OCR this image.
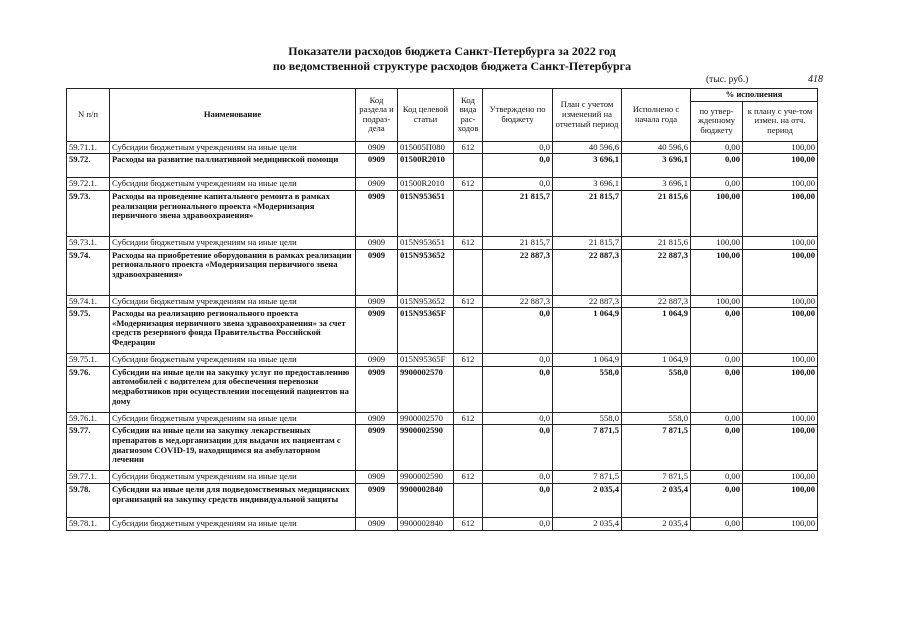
Показатели расходов бюджета Санкт-Петербурга за 2022 год
по ведомственной структуре расходов бюджета Санкт-Петербурга
(тыс. руб.)	418
N п/п	Наименование	Код раздела и подраз-дела	Код целевой статьи	Код вида рас-ходов	Утверждено по бюджету	План с учетом изменений на отчетный период	Исполнено с начала года	% исполнения	
								по утвер-жденному бюджету	к плану с уче-том измен. на отч. период
59.71.1.	Субсидии бюджетным учреждениям на иные цели	0909	015005П080	612	0,0	40 596,6	40 596,6	0,00	100,00
59.72.	Расходы на развитие паллиативной медицинской помощи	0909	01500R2010		0,0	3 696,1	3 696,1	0,00	100,00
59.72.1.	Субсидии бюджетным учреждениям на иные цели	0909	01500R2010	612	0,0	3 696,1	3 696,1	0,00	100,00
59.73.	Расходы на проведение капитального ремонта в рамках реализации регионального проекта «Модернизация первичного звена здравоохранения»	0909	015N953651		21 815,7	21 815,7	21 815,6	100,00	100,00
59.73.1.	Субсидии бюджетным учреждениям на иные цели	0909	015N953651	612	21 815,7	21 815,7	21 815,6	100,00	100,00
59.74.	Расходы на приобретение оборудования в рамках реализации регионального проекта «Модернизация первичного звена здравоохранения»	0909	015N953652		22 887,3	22 887,3	22 887,3	100,00	100,00
59.74.1.	Субсидии бюджетным учреждениям на иные цели	0909	015N953652	612	22 887,3	22 887,3	22 887,3	100,00	100,00
59.75.	Расходы на реализацию регионального проекта «Модернизация первичного звена здравоохранения» за счет средств резервного фонда Правительства Российской Федерации	0909	015N95365F		0,0	1 064,9	1 064,9	0,00	100,00
59.75.1.	Субсидии бюджетным учреждениям на иные цели	0909	015N95365F	612	0,0	1 064,9	1 064,9	0,00	100,00
59.76.	Субсидии на иные цели на закупку услуг по предоставлению автомобилей с водителем для обеспечения перевозки медработников при осуществлении посещений пациентов на дому	0909	9900002570		0,0	558,0	558,0	0,00	100,00
59.76.1.	Субсидии бюджетным учреждениям на иные цели	0909	9900002570	612	0,0	558,0	558,0	0,00	100,00
59.77.	Субсидии на иные цели на закупку лекарственных препаратов в мед.организации для выдачи их пациентам с диагнозом COVID-19, находящимся на амбулаторном лечении	0909	9900002590		0,0	7 871,5	7 871,5	0,00	100,00
59.77.1.	Субсидии бюджетным учреждениям на иные цели	0909	9900002590	612	0,0	7 871,5	7 871,5	0,00	100,00
59.78.	Субсидии на иные цели для подведомственных медицинских организаций на закупку средств индивидуальной защиты	0909	9900002840		0,0	2 035,4	2 035,4	0,00	100,00
59.78.1.	Субсидии бюджетным учреждениям на иные цели	0909	9900002840	612	0,0	2 035,4	2 035,4	0,00	100,00
